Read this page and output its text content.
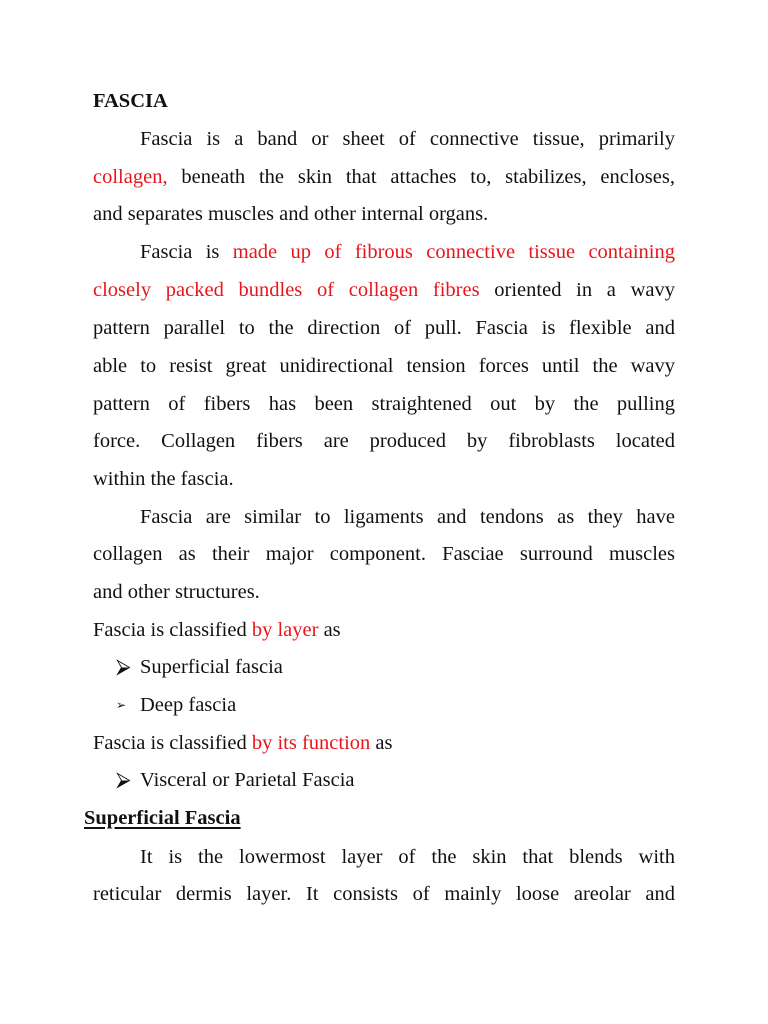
FASCIA
Fascia is a band or sheet of connective tissue, primarily
collagen, beneath the skin that attaches to, stabilizes, encloses,
and separates muscles and other internal organs.
Fascia is made up of fibrous connective tissue containing
closely packed bundles of collagen fibres oriented in a wavy
pattern parallel to the direction of pull. Fascia is flexible and
able to resist great unidirectional tension forces until the wavy
pattern of fibers has been straightened out by the pulling
force. Collagen fibers are produced by fibroblasts located
within the fascia.
Fascia are similar to ligaments and tendons as they have
collagen as their major component. Fasciae surround muscles
and other structures.
Fascia is classified by layer as
⮚ Superficial fascia
➢ Deep fascia
Fascia is classified by its function as
⮚ Visceral or Parietal Fascia
Superficial Fascia
It is the lowermost layer of the skin that blends with
reticular dermis layer. It consists of mainly loose areolar and
